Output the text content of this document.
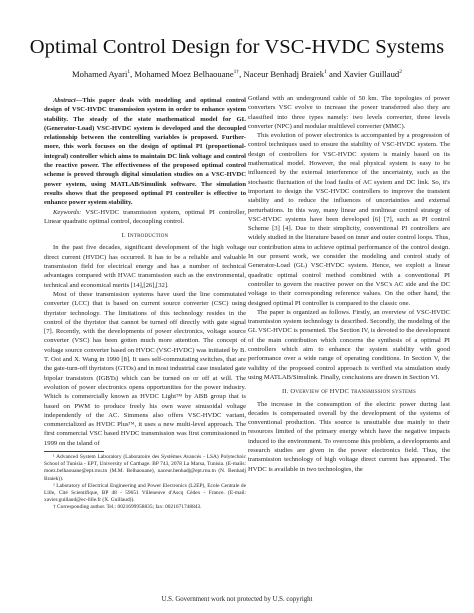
Optimal Control Design for VSC-HVDC Systems
Mohamed Ayari$^1$, Mohamed Moez Belhaouane$^{1\dagger}$, Naceur Benhadj Braiek$^1$ and Xavier Guillaud$^2$

Abstract—This paper deals with modeling and optimal control design of VSC-HVDC transmission system in order to enhance system stability. The steady of the state mathematical model for GL (Generator-Load) VSC-HVDC system is developed and the decoupled relationship between the controlling variables is proposed. Further-more, this work focuses on the design of optimal PI (proportional-integral) controller which aims to maintain DC link voltage and control the reactive power. The effectiveness of the proposed optimal control scheme is proved through digital simulation studies on a VSC-HVDC power system, using MATLAB/Simulink software. The simulation results shows that the proposed optimal PI controller is effective to enhance power system stability.

Keywords: VSC-HVDC transmission system, optimal PI controller, Linear quadratic optimal control, decoupling control.

I. Introduction

In the past five decades, significant development of the high voltage direct current (HVDC) has occurred. It has to be a reliable and valuable transmission field for electrical energy and has a number of technical advantages compared with HVAC transmission such as the environmental, technical and economical merits [14],[26],[32].

Most of these transmission systems have used the line commutated converter (LCC) that is based on current source converter (CSC) using thyristor technology. The limitations of this technology resides in the control of the thyristor that cannot be turned off directly with gate signal [7]. Recently, with the developments of power electronics, voltage source converter (VSC) has been gotten much more attention. The concept of voltage source converter based on HVDC (VSC-HVDC) was initiated by B. T. Ooi and X. Wang in 1990 [8]. It uses self-commutating switches, that are the gate-turn-off thyristors (GTOs) and in most industrial case insulated gate bipolar transistors (IGBTs) which can be turned on or off at will. The evolution of power electronics opens opportunities for the power industry. Which is commercially known as HVDC Lightᵀᴹ by ABB group that is based on PWM to produce freely his own wave sinusoidal voltage independently of the AC. Simmens also offers VSC-HVDC variant, commercialized as HVDC Plusᵀᴹ, it uses a new multi-level approach. The first commercial VSC based HVDC transmission was first commissioned in 1999 on the island of

¹ Advanced System Laboratory (Laboratoire des Systèmes Avancés - LSA) Polytechnic School of Tunisia - EPT, University of Carthage. BP 743, 2078 La Marsa, Tunisia. (E-mails: moez.belhaouane@ept.rnu.tn (M.M. Belhaouane), naceur.benhadj@ept.rnu.tn (N. Benhadj Braiek)).

² Laboratory of Electrical Engineering and Power Electronics (L2EP), Ecole Centrale de Lille, Cité Scientifique, BP 48 - 59651 Villeneuve d'Ascq Cédex - France. (E-mail: xavier.guillaud@ec-lille.fr (X. Guillaud)).

† Corresponding author. Tel.: 0021699958835; fax: 0021671748843.

Gotland with an underground cable of 50 km. The topologies of power converters VSC evolve to increase the power transferred also they are classified into three types namely: two levels converter, three levels converter (NPC) and modular multilevel converter (MMC).

This evolution of power electronics is accompanied by a progression of control techniques used to ensure the stability of VSC-HVDC system. The design of controllers for VSC-HVDC system is mainly based on its mathematical model. However, the real physical system is easy to be influenced by the external interference of the uncertainty, such as the stochastic fluctuation of the load faults of AC system and DC link. So, it's important to design the VSC-HVDC controllers to improve the transient stability and to reduce the influences of uncertainties and external perturbations. In this way, many linear and nonlinear control strategy of VSC-HVDC systems have been developed [6] [7], such as PI control Scheme [3] [4]. Due to their simplicity, conventional PI controllers are widely studied in the literature based on inner and outer control loops. Thus, our contribution aims to achieve optimal performance of the control design. In our present work, we consider the modeling and control study of Generator-Load (GL) VSC-HVDC system. Hence, we exploit a linear quadratic optimal control method combined with a conventional PI controller to govern the reactive power on the VSC's AC side and the DC voltage to their corresponding reference values. On the other hand, the designed optimal PI controller is compared to the classic one.

The paper is organized as follows. Firstly, an overview of VSC-HVDC transmission system technology is described. Secondly, the modeling of the GL VSC-HVDC is presented. The Section IV, is devoted to the development of the main contribution which concerns the synthesis of a optimal PI controllers which aim to enhance the system stability with good performance over a wide range of operating conditions. In Section V, the validity of the proposed control approach is verified via simulation study using MATLAB/Simulink. Finally, conclusions are drawn in Section VI.

II. Overview of HVDC transmission systems

The increase in the consumption of the electric power during last decades is compensated overall by the development of the systems of conventional production. This source is unsuitable due mainly to their resources limited of the primary energy which have the negative impacts induced to the environment. To overcome this problem, a developments and research studies are given in the power electronics field. Thus, the transmission technology of high voltage direct current has appeared. The HVDC is available in two technologies, the

U.S. Government work not protected by U.S. copyright
